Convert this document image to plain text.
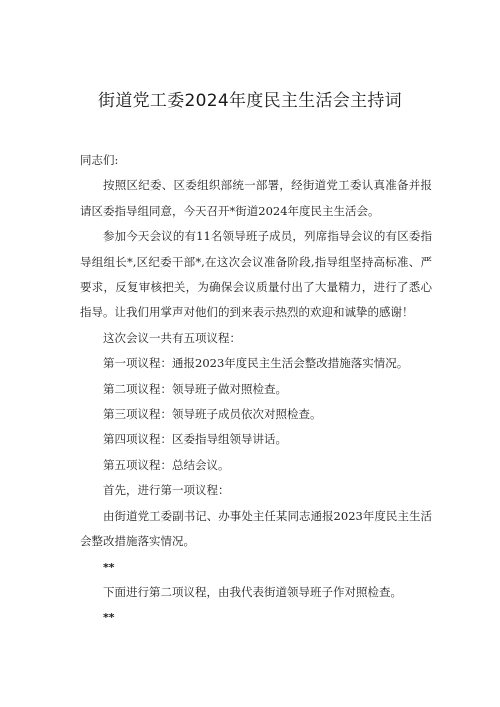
街道党工委2024年度民主生活会主持词

同志们:

按照区纪委、区委组织部统一部署，经街道党工委认真准备并报请区委指导组同意，今天召开*街道2024年度民主生活会。

参加今天会议的有11名领导班子成员，列席指导会议的有区委指导组组长*,区纪委干部*,在这次会议准备阶段,指导组坚持高标准、严要求，反复审核把关，为确保会议质量付出了大量精力，进行了悉心指导。让我们用掌声对他们的到来表示热烈的欢迎和诚挚的感谢！

这次会议一共有五项议程：

第一项议程：通报2023年度民主生活会整改措施落实情况。

第二项议程：领导班子做对照检查。

第三项议程：领导班子成员依次对照检查。

第四项议程：区委指导组领导讲话。

第五项议程：总结会议。

首先，进行第一项议程：

由街道党工委副书记、办事处主任某同志通报2023年度民主生活会整改措施落实情况。

**

下面进行第二项议程，由我代表街道领导班子作对照检查。

**
